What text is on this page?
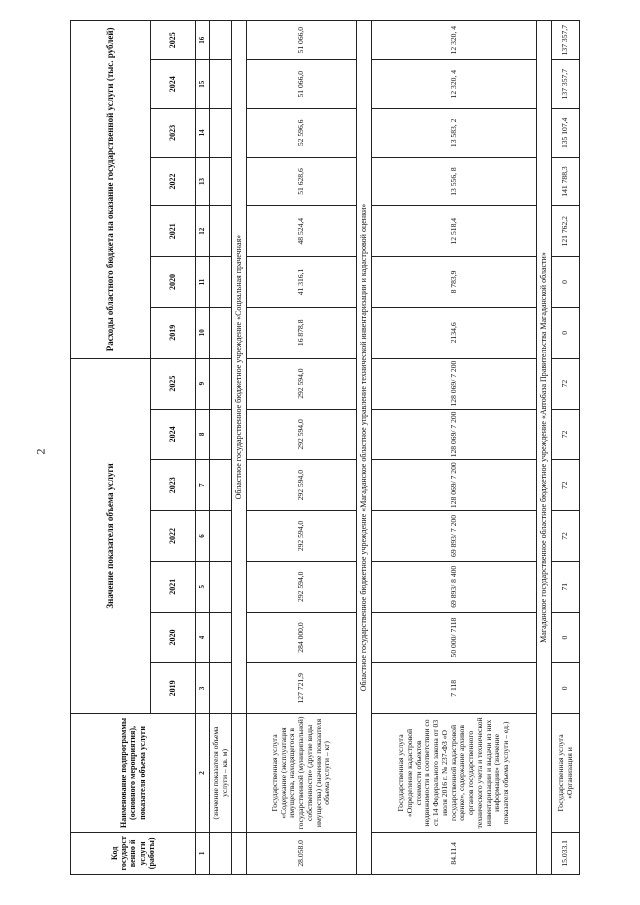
2
Код государственно й услуги (работы)	Наименование подпрограммы (основного мероприятия), показателя объема услуги	Значение показателя объема услуги							Расходы областного бюджета на оказание государственной услуги (тыс. рублей)						
		2019	2020	2021	2022	2023	2024	2025	2019	2020	2021	2022	2023	2024	2025
1	2	3	4	5	6	7	8	9	10	11	12	13	14	15	16
	(значение показателя объема услуги – кв. м)														
		Областное государственное бюджетное учреждение «Социальная прачечная»													
28.058.0	Государственная услуга «Содержание (эксплуатация имущества, находящегося в государственной (муниципальной) собственности» (другие виды имущества) (значение показателя объема услуги – кг)	127 721,9	284 000,0	292 594,0	292 594,0	292 594,0	292 594,0	292 594,0	16 878,8	41 316,1	48 524,4	51 628,6	52 596,6	51 066,0	51 066,0
Областное государственное бюджетное учреждение «Магаданское областное управление технической инвентаризации и кадастровой оценки»															
84.11.4	Государственная услуга «Определение кадастровой стоимости объектов недвижимости в соответствии со ст. 14 Федерального закона от 03 июля 2016 г. № 237-ФЗ «О государственной кадастровой оценке», содержание архивов органов государственного технического учета и технической инвентаризации и выдачи из них информации» (значение показателя объема услуги – ед.)	7 118	50 000/ 7118	69 893/ 8 400	69 893/ 7 200	128 069/ 7 200	128 069/ 7 200	128 069/ 7 200	2134,6	8 783,9	12 518,4	13 556, 8	13 583, 2	12 320, 4	12 320, 4
Магаданское государственное областное бюджетное учреждение «Автобаза Правительства Магаданской области»															
15.033.1	Государственная услуга «Организация и	0	0	71	72	72	72	72	0	0	121 762,2	141 788,3	135 107,4	137 357,7	137 357,7
